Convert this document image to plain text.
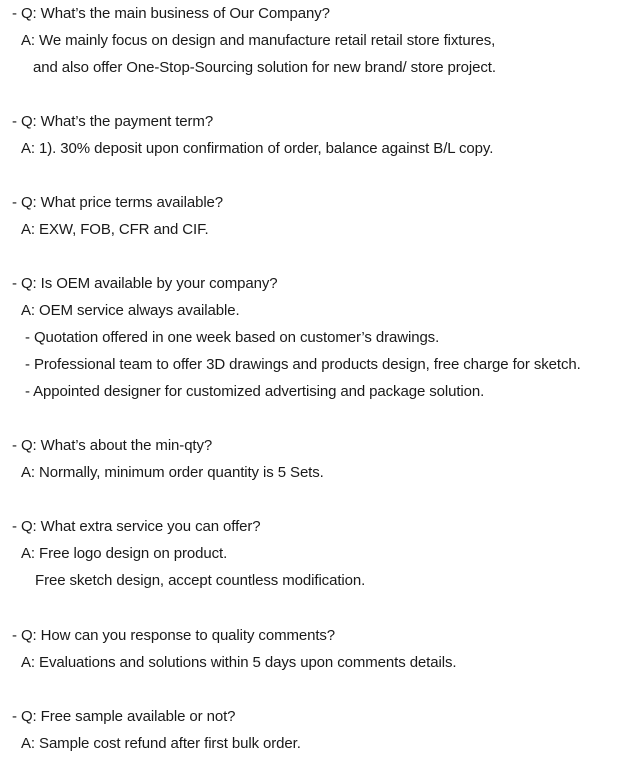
- Q: What’s the main business of Our Company?
A: We mainly focus on design and manufacture retail retail store fixtures,
and also offer One-Stop-Sourcing solution for new brand/ store project.
- Q: What’s the payment term?
A: 1). 30% deposit upon confirmation of order, balance against B/L copy.
- Q: What price terms available?
A: EXW, FOB, CFR and CIF.
- Q: Is OEM available by your company?
A: OEM service always available.
- Quotation offered in one week based on customer’s drawings.
- Professional team to offer 3D drawings and products design, free charge for sketch.
- Appointed designer for customized advertising and package solution.
- Q: What’s about the min-qty?
A: Normally, minimum order quantity is 5 Sets.
- Q: What extra service you can offer?
A: Free logo design on product.
Free sketch design, accept countless modification.
- Q: How can you response to quality comments?
A: Evaluations and solutions within 5 days upon comments details.
- Q: Free sample available or not?
A: Sample cost refund after first bulk order.
